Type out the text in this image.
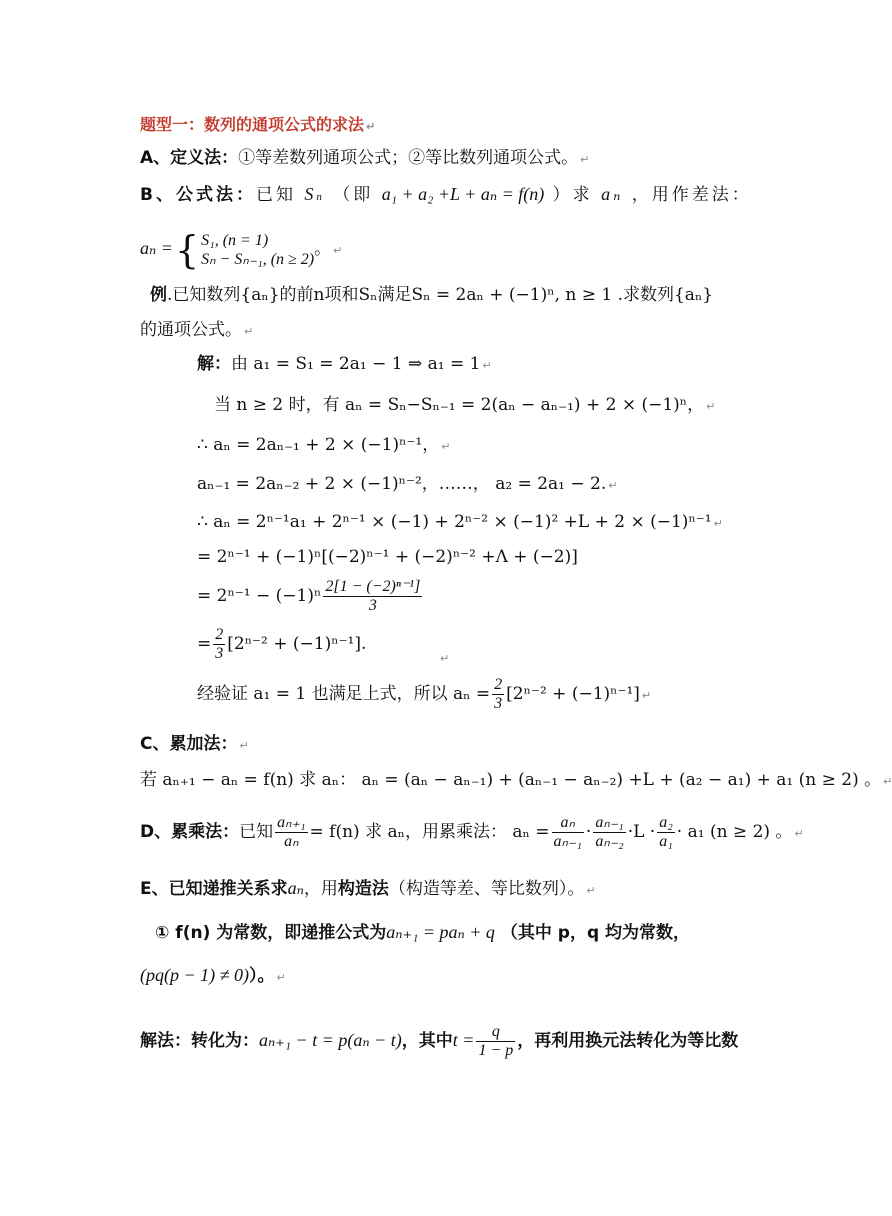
题型一：数列的通项公式的求法 ↵
A、定义法：①等差数列通项公式；②等比数列通项公式。 ↵
B、公式法：已知 Sn （即 a₁ + a₂ +L + aₙ = f(n) ）求 aₙ ，用作差法：
aₙ ={ S₁, (n = 1)
Sₙ − Sₙ₋₁, (n ≥ 2) 。 ↵
例.已知数列{aₙ}的前n项和Sₙ满足Sₙ = 2aₙ + (−1)ⁿ, n ≥ 1 .求数列{aₙ}
的通项公式。 ↵
解：由 a₁ = S₁ = 2a₁ − 1 ⇒ a₁ = 1 ↵
当 n ≥ 2 时，有 aₙ = Sₙ−Sₙ₋₁ = 2(aₙ − aₙ₋₁) + 2 × (−1)ⁿ， ↵
∴ aₙ = 2aₙ₋₁ + 2 × (−1)ⁿ⁻¹， ↵
aₙ₋₁ = 2aₙ₋₂ + 2 × (−1)ⁿ⁻²，……， a₂ = 2a₁ − 2. ↵
∴ aₙ = 2ⁿ⁻¹a₁ + 2ⁿ⁻¹ × (−1) + 2ⁿ⁻² × (−1)² +L + 2 × (−1)ⁿ⁻¹ ↵
= 2ⁿ⁻¹ + (−1)ⁿ[(−2)ⁿ⁻¹ + (−2)ⁿ⁻² +Λ + (−2)]
= $2^{n-1} - (-1)^n \frac{\text{2[1 − (−2)ⁿ⁻¹]}}{3}$
= $\frac{2}{3} [2^{n-2} + (-1)^{n-1}]$.
↵
经验证 a₁ = 1 也满足上式，所以 $a_n = \frac{2}{3} [2^{n-2} + (-1)^{n-1}]$ ↵
C、累加法： ↵
若 aₙ₊₁ − aₙ = f(n) 求 aₙ： aₙ = (aₙ − aₙ₋₁) + (aₙ₋₁ − aₙ₋₂) +L + (a₂ − a₁) + a₁ (n ≥ 2) 。 ↵
D、累乘法：已知 $\frac{\text{aₙ₊₁}}{\text{aₙ}} = f(n)$ 求 aₙ，用累乘法： $a_n = \frac{\text{aₙ}}{\text{aₙ₋₁}} \cdot \frac{\text{aₙ₋₁}}{\text{aₙ₋₂}} \cdot L \cdot \frac{\text{a₂}}{\text{a₁}} \cdot a_1$ (n ≥ 2) 。 ↵
E、已知递推关系求aₙ，用构造法（构造等差、等比数列）。 ↵
① f(n) 为常数，即递推公式为aₙ₊₁ = paₙ + q （其中 p，q 均为常数，
(pq(p − 1) ≠ 0)）。 ↵
解法：转化为：aₙ₊₁ − t = p(aₙ − t)，其中$t = \frac{q}{1 - p}$ ，再利用换元法转化为等比数
